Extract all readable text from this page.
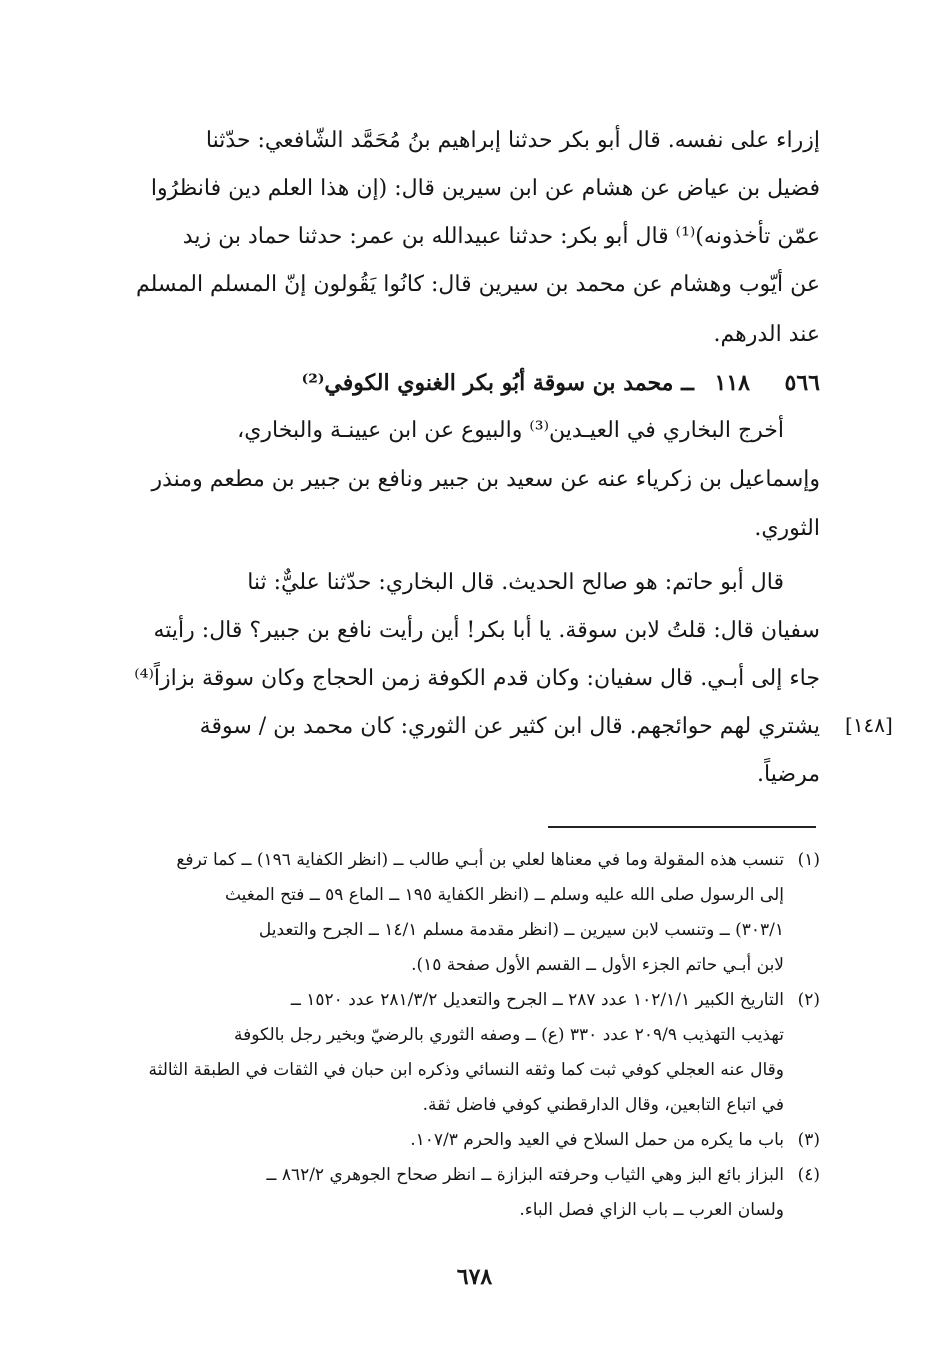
إزراء على نفسه. قال أبو بكر حدثنا إبراهيم بنُ مُحَمَّد الشّافعي: حدّثنا
فضيل بن عياض عن هشام عن ابن سيرين قال: (إن هذا العلم دين فانظرُوا
عمّن تأخذونه)⁽¹⁾ قال أبو بكر: حدثنا عبيدالله بن عمر: حدثنا حماد بن زيد
عن أيّوب وهشام عن محمد بن سيرين قال: كانُوا يَقُولون إنّ المسلم المسلم
عند الدرهم.
٥٦٦١١٨ــ محمد بن سوقة أبُو بكر الغنوي الكوفي⁽²⁾
أخرج البخاري في العيـدين⁽³⁾ والبيوع عن ابن عيينـة والبخاري،
وإسماعيل بن زكرياء عنه عن سعيد بن جبير ونافع بن جبير بن مطعم ومنذر
الثوري.
قال أبو حاتم: هو صالح الحديث. قال البخاري: حدّثنا عليٌّ: ثنا
سفيان قال: قلتُ لابن سوقة. يا أبا بكر! أين رأيت نافع بن جبير؟ قال: رأيته
جاء إلى أبـي. قال سفيان: وكان قدم الكوفة زمن الحجاج وكان سوقة بزازاً⁽⁴⁾
يشتري لهم حوائجهم. قال ابن كثير عن الثوري: كان محمد بن / سوقة
مرضياً.
[١٤٨]
(١)تنسب هذه المقولة وما في معناها لعلي بن أبـي طالب ــ (انظر الكفاية ١٩٦) ــ كما ترفع
إلى الرسول صلى الله عليه وسلم ــ (انظر الكفاية ١٩٥ ــ الماع ٥٩ ــ فتح المغيث
٣٠٣/١) ــ وتنسب لابن سيرين ــ (انظر مقدمة مسلم ١٤/١ ــ الجرح والتعديل
لابن أبـي حاتم الجزء الأول ــ القسم الأول صفحة ١٥).
(٢)التاريخ الكبير ١٠٢/١/١ عدد ٢٨٧ ــ الجرح والتعديل ٢٨١/٣/٢ عدد ١٥٢٠ ــ
تهذيب التهذيب ٢٠٩/٩ عدد ٣٣٠ (ع) ــ وصفه الثوري بالرضيّ وبخير رجل بالكوفة
وقال عنه العجلي كوفي ثبت كما وثقه النسائي وذكره ابن حبان في الثقات في الطبقة الثالثة
في اتباع التابعين، وقال الدارقطني كوفي فاضل ثقة.
(٣)باب ما يكره من حمل السلاح في العيد والحرم ١٠٧/٣.
(٤)البزاز بائع البز وهي الثياب وحرفته البزازة ــ انظر صحاح الجوهري ٨٦٢/٢ ــ
ولسان العرب ــ باب الزاي فصل الباء.
٦٧٨
